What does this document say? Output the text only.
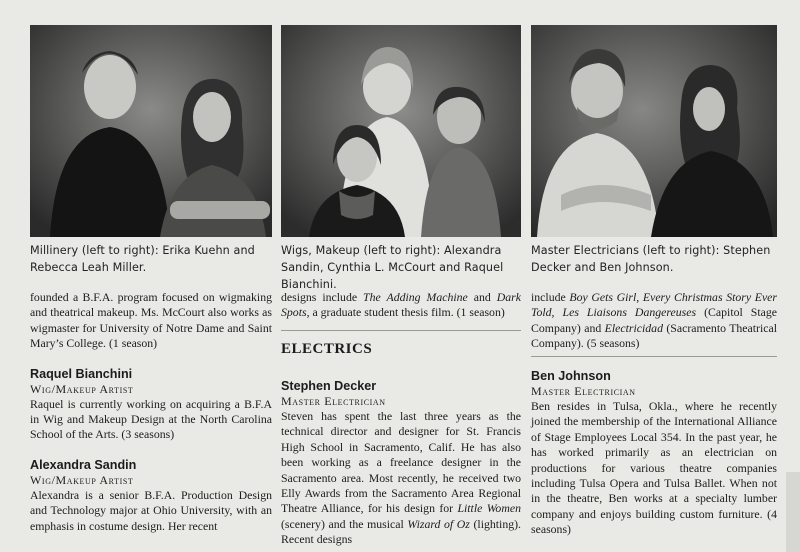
Millinery (left to right): Erika Kuehn and Rebecca Leah Miller.

founded a B.F.A. program focused on wigmaking and theatrical makeup. Ms. McCourt also works as wigmaster for University of Notre Dame and Saint Mary’s College. (1 season)

Raquel Bianchini

Wig/Makeup Artist

Raquel is currently working on acquiring a B.F.A in Wig and Makeup Design at the North Carolina School of the Arts. (3 seasons)

Alexandra Sandin

Wig/Makeup Artist

Alexandra is a senior B.F.A. Production Design and Technology major at Ohio University, with an emphasis in costume design. Her recent

Wigs, Makeup (left to right): Alexandra Sandin, Cynthia L. McCourt and Raquel Bianchini.

designs include The Adding Machine and Dark Spots, a graduate student thesis film. (1 season)

ELECTRICS

Stephen Decker

Master Electrician

Steven has spent the last three years as the technical director and designer for St. Francis High School in Sacramento, Calif. He has also been working as a freelance designer in the Sacramento area. Most recently, he received two Elly Awards from the Sacramento Area Regional Theatre Alliance, for his design for Little Women (scenery) and the musical Wizard of Oz (lighting). Recent designs

Master Electricians (left to right): Stephen Decker and Ben Johnson.

include Boy Gets Girl, Every Christmas Story Ever Told, Les Liaisons Dangereuses (Capitol Stage Company) and Electricidad (Sacramento Theatrical Company). (5 seasons)

Ben Johnson

Master Electrician

Ben resides in Tulsa, Okla., where he recently joined the membership of the International Alliance of Stage Employees Local 354. In the past year, he has worked primarily as an electrician on productions for various theatre companies including Tulsa Opera and Tulsa Ballet. When not in the theatre, Ben works at a specialty lumber company and enjoys building custom furniture. (4 seasons)
